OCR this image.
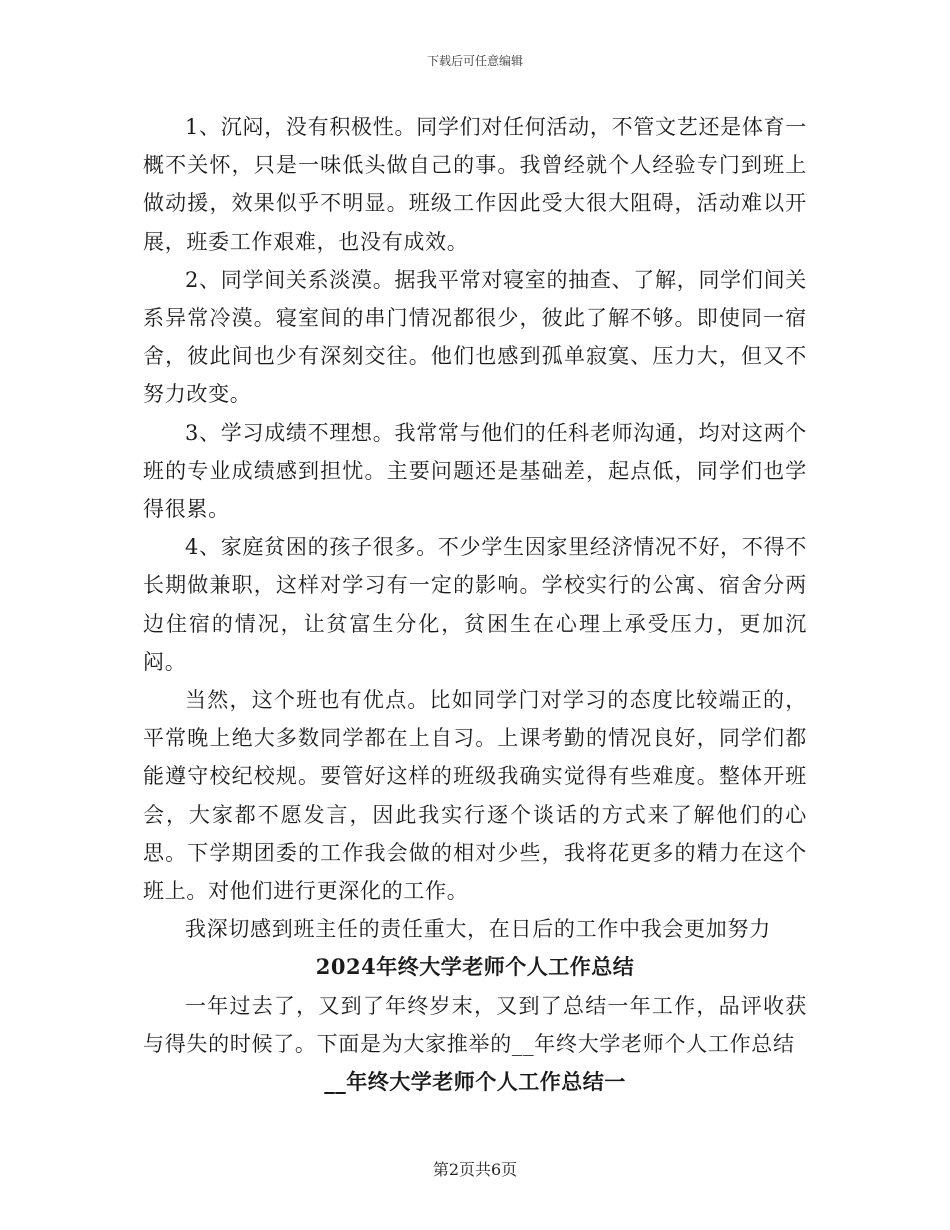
下载后可任意编辑

1、沉闷，没有积极性。同学们对任何活动，不管文艺还是体育一概不关怀，只是一味低头做自己的事。我曾经就个人经验专门到班上做动援，效果似乎不明显。班级工作因此受大很大阻碍，活动难以开展，班委工作艰难，也没有成效。

2、同学间关系淡漠。据我平常对寝室的抽查、了解，同学们间关系异常冷漠。寝室间的串门情况都很少，彼此了解不够。即使同一宿舍，彼此间也少有深刻交往。他们也感到孤单寂寞、压力大，但又不努力改变。

3、学习成绩不理想。我常常与他们的任科老师沟通，均对这两个班的专业成绩感到担忧。主要问题还是基础差，起点低，同学们也学得很累。

4、家庭贫困的孩子很多。不少学生因家里经济情况不好，不得不长期做兼职，这样对学习有一定的影响。学校实行的公寓、宿舍分两边住宿的情况，让贫富生分化，贫困生在心理上承受压力，更加沉闷。

当然，这个班也有优点。比如同学门对学习的态度比较端正的，平常晚上绝大多数同学都在上自习。上课考勤的情况良好，同学们都能遵守校纪校规。要管好这样的班级我确实觉得有些难度。整体开班会，大家都不愿发言，因此我实行逐个谈话的方式来了解他们的心思。下学期团委的工作我会做的相对少些，我将花更多的精力在这个班上。对他们进行更深化的工作。

我深切感到班主任的责任重大，在日后的工作中我会更加努力

2024年终大学老师个人工作总结

一年过去了，又到了年终岁末，又到了总结一年工作，品评收获与得失的时候了。下面是为大家推举的__年终大学老师个人工作总结

__年终大学老师个人工作总结一

第2页共6页
